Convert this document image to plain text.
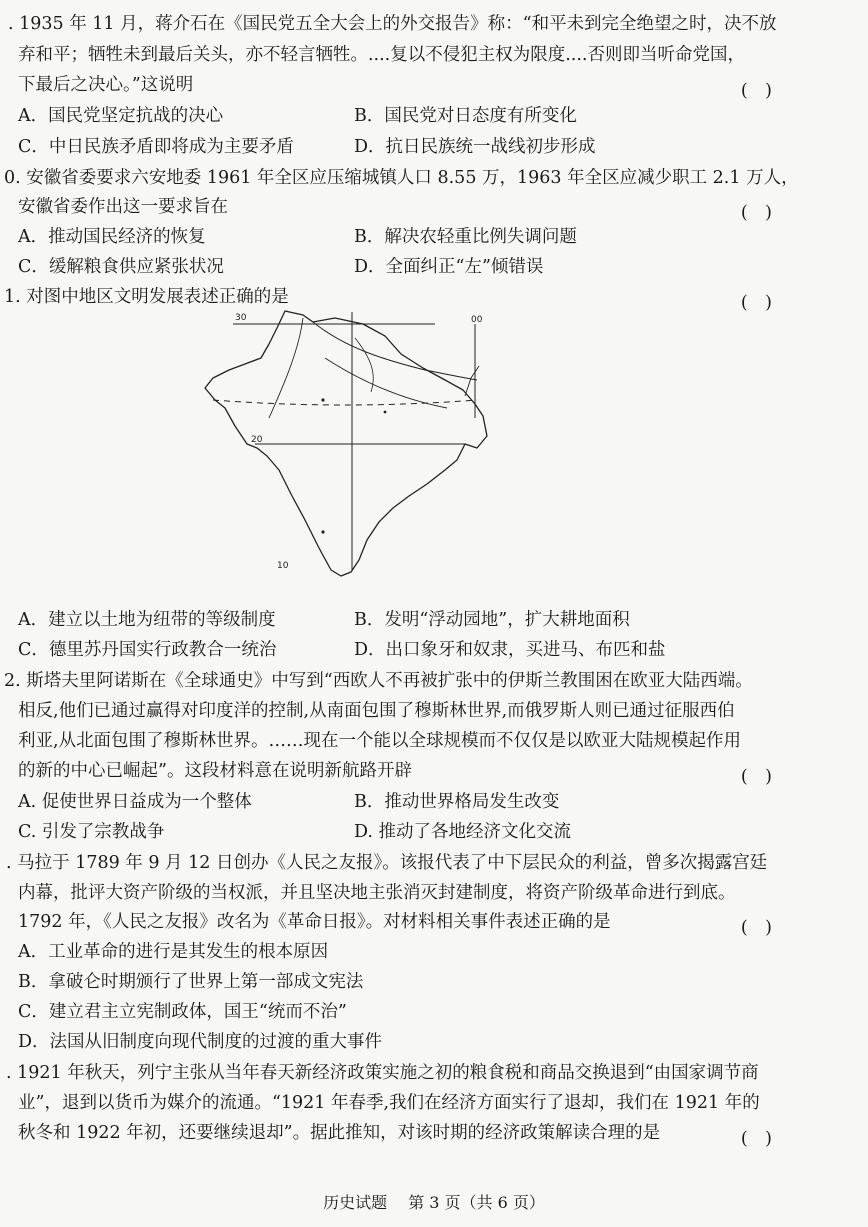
. 1935 年 11 月，蒋介石在《国民党五全大会上的外交报告》称：“和平未到完全绝望之时，决不放
弃和平；牺牲未到最后关头，亦不轻言牺牲。....复以不侵犯主权为限度....否则即当听命党国，
下最后之决心。”这说明	(　)
A．国民党坚定抗战的决心	B．国民党对日态度有所变化
C．中日民族矛盾即将成为主要矛盾	D．抗日民族统一战线初步形成
0. 安徽省委要求六安地委 1961 年全区应压缩城镇人口 8.55 万，1963 年全区应减少职工 2.1 万人，
安徽省委作出这一要求旨在	(　)
A．推动国民经济的恢复	B．解决农轻重比例失调问题
C．缓解粮食供应紧张状况	D．全面纠正“左”倾错误
1. 对图中地区文明发展表述正确的是	(　)
30
20
10
00
A．建立以土地为纽带的等级制度	B．发明“浮动园地”，扩大耕地面积
C．德里苏丹国实行政教合一统治	D．出口象牙和奴隶，买进马、布匹和盐
2. 斯塔夫里阿诺斯在《全球通史》中写到“西欧人不再被扩张中的伊斯兰教围困在欧亚大陆西端。
相反,他们已通过赢得对印度洋的控制,从南面包围了穆斯林世界,而俄罗斯人则已通过征服西伯
利亚,从北面包围了穆斯林世界。……现在一个能以全球规模而不仅仅是以欧亚大陆规模起作用
的新的中心已崛起”。这段材料意在说明新航路开辟	(　)
A. 促使世界日益成为一个整体	B．推动世界格局发生改变
C. 引发了宗教战争	D. 推动了各地经济文化交流
. 马拉于 1789 年 9 月 12 日创办《人民之友报》。该报代表了中下层民众的利益，曾多次揭露宫廷
内幕，批评大资产阶级的当权派，并且坚决地主张消灭封建制度，将资产阶级革命进行到底。
1792 年，《人民之友报》改名为《革命日报》。对材料相关事件表述正确的是	(　)
A．工业革命的进行是其发生的根本原因
B．拿破仑时期颁行了世界上第一部成文宪法
C．建立君主立宪制政体，国王“统而不治”
D．法国从旧制度向现代制度的过渡的重大事件
. 1921 年秋天，列宁主张从当年春天新经济政策实施之初的粮食税和商品交换退到“由国家调节商
业”，退到以货币为媒介的流通。“1921 年春季,我们在经济方面实行了退却，我们在 1921 年的
秋冬和 1922 年初，还要继续退却”。据此推知，对该时期的经济政策解读合理的是	(　)
历史试题 第 3 页（共 6 页）
